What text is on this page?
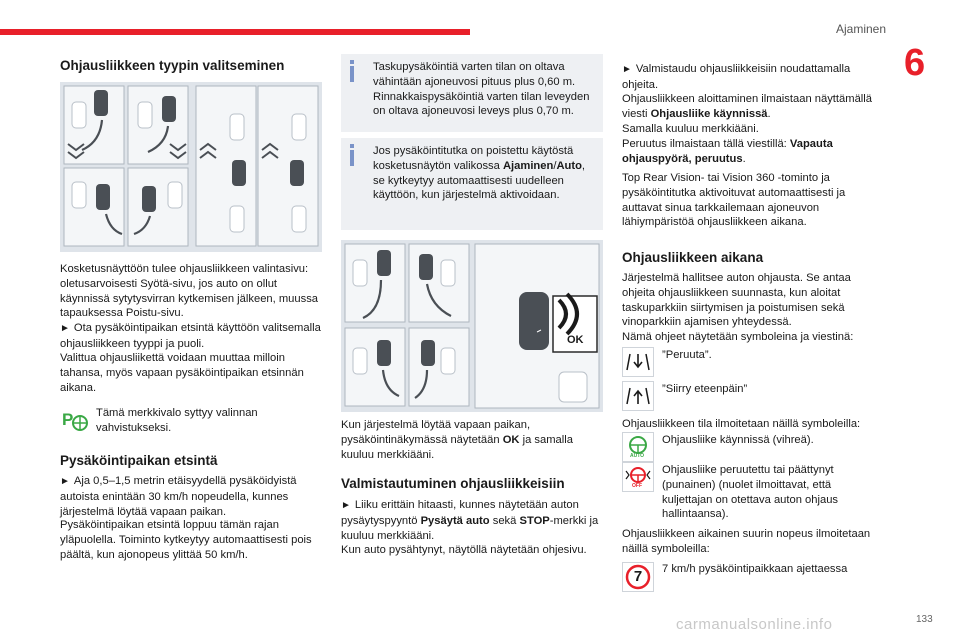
Ajaminen
6
133
carmanualsonline.info
Ohjausliikkeen tyypin valitseminen

Kosketusnäyttöön tulee ohjausliikkeen valintasivu: oletusarvoisesti Syötä-sivu, jos auto on ollut käynnissä sytytysvirran kytkemisen jälkeen, muussa tapauksessa Poistu-sivu.

► Ota pysäköintipaikan etsintä käyttöön valitsemalla ohjausliikkeen tyyppi ja puoli.

Valittua ohjausliikettä voidaan muuttaa milloin tahansa, myös vapaan pysäköintipaikan etsinnän aikana.

P Tämä merkkivalo syttyy valinnan vahvistukseksi.

Pysäköintipaikan etsintä

► Aja 0,5–1,5 metrin etäisyydellä pysäköidyistä autoista enintään 30 km/h nopeudella, kunnes järjestelmä löytää vapaan paikan.

Pysäköintipaikan etsintä loppuu tämän rajan yläpuolella. Toiminto kytkeytyy automaattisesti pois päältä, kun ajonopeus ylittää 50 km/h.

Taskupysäköintiä varten tilan on oltava vähintään ajoneuvosi pituus plus 0,60 m. Rinnakkaispysäköintiä varten tilan leveyden on oltava ajoneuvosi leveys plus 0,70 m.

Jos pysäköintitutka on poistettu käytöstä kosketusnäytön valikossa Ajaminen/Auto, se kytkeytyy automaattisesti uudelleen käyttöön, kun järjestelmä aktivoidaan.

OK

Kun järjestelmä löytää vapaan paikan, pysäköintinäkymässä näytetään OK ja samalla kuuluu merkkiääni.

Valmistautuminen ohjausliikkeisiin

► Liiku erittäin hitaasti, kunnes näytetään auton pysäytyspyyntö Pysäytä auto sekä STOP-merkki ja kuuluu merkkiääni.

Kun auto pysähtynyt, näytöllä näytetään ohjesivu.

► Valmistaudu ohjausliikkeisiin noudattamalla ohjeita.

Ohjausliikkeen aloittaminen ilmaistaan näyttämällä viesti Ohjausliike käynnissä.

Samalla kuuluu merkkiääni.

Peruutus ilmaistaan tällä viestillä: Vapauta ohjauspyörä, peruutus.

Top Rear Vision- tai Vision 360 -tominto ja pysäköintitutka aktivoituvat automaattisesti ja auttavat sinua tarkkailemaan ajoneuvon lähiympäristöä ohjausliikkeen aikana.

Ohjausliikkeen aikana

Järjestelmä hallitsee auton ohjausta. Se antaa ohjeita ohjausliikkeen suunnasta, kun aloitat taskuparkkiin siirtymisen ja poistumisen sekä vinoparkkiin ajamisen yhteydessä.

Nämä ohjeet näytetään symboleina ja viestinä:

”Peruuta”.

”Siirry eteenpäin”

Ohjausliikkeen tila ilmoitetaan näillä symboleilla:

AUTO

Ohjausliike käynnissä (vihreä).

OFF

Ohjausliike peruutettu tai päättynyt (punainen) (nuolet ilmoittavat, että kuljettajan on otettava auton ohjaus hallintaansa).

Ohjausliikkeen aikainen suurin nopeus ilmoitetaan näillä symboleilla:

7	7 km/h pysäköintipaikkaan ajettaessa
